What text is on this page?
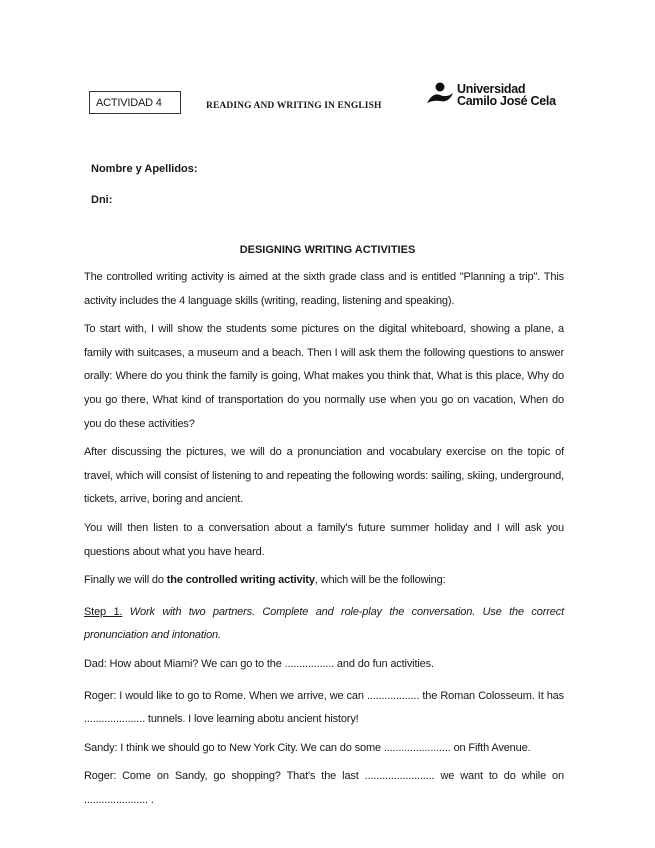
ACTIVIDAD 4	READING AND WRITING IN ENGLISH
Universidad
Camilo José Cela
Nombre y Apellidos:
Dni:
DESIGNING WRITING ACTIVITIES

The controlled writing activity is aimed at the sixth grade class and is entitled "Planning a trip". This activity includes the 4 language skills (writing, reading, listening and speaking).

To start with, I will show the students some pictures on the digital whiteboard, showing a plane, a family with suitcases, a museum and a beach. Then I will ask them the following questions to answer orally: Where do you think the family is going, What makes you think that, What is this place, Why do you go there, What kind of transportation do you normally use when you go on vacation, When do you do these activities?

After discussing the pictures, we will do a pronunciation and vocabulary exercise on the topic of travel, which will consist of listening to and repeating the following words: sailing, skiing, underground, tickets, arrive, boring and ancient.

You will then listen to a conversation about a family's future summer holiday and I will ask you questions about what you have heard.

Finally we will do the controlled writing activity, which will be the following:

Step 1. Work with two partners. Complete and role-play the conversation. Use the correct pronunciation and intonation.

Dad: How about Miami? We can go to the ................. and do fun activities.

Roger: I would like to go to Rome. When we arrive, we can .................. the Roman Colosseum. It has ..................... tunnels. I love learning abotu ancient history!

Sandy: I think we should go to New York City. We can do some ....................... on Fifth Avenue.

Roger: Come on Sandy, go shopping? That's the last ........................ we want to do while on ...................... .
